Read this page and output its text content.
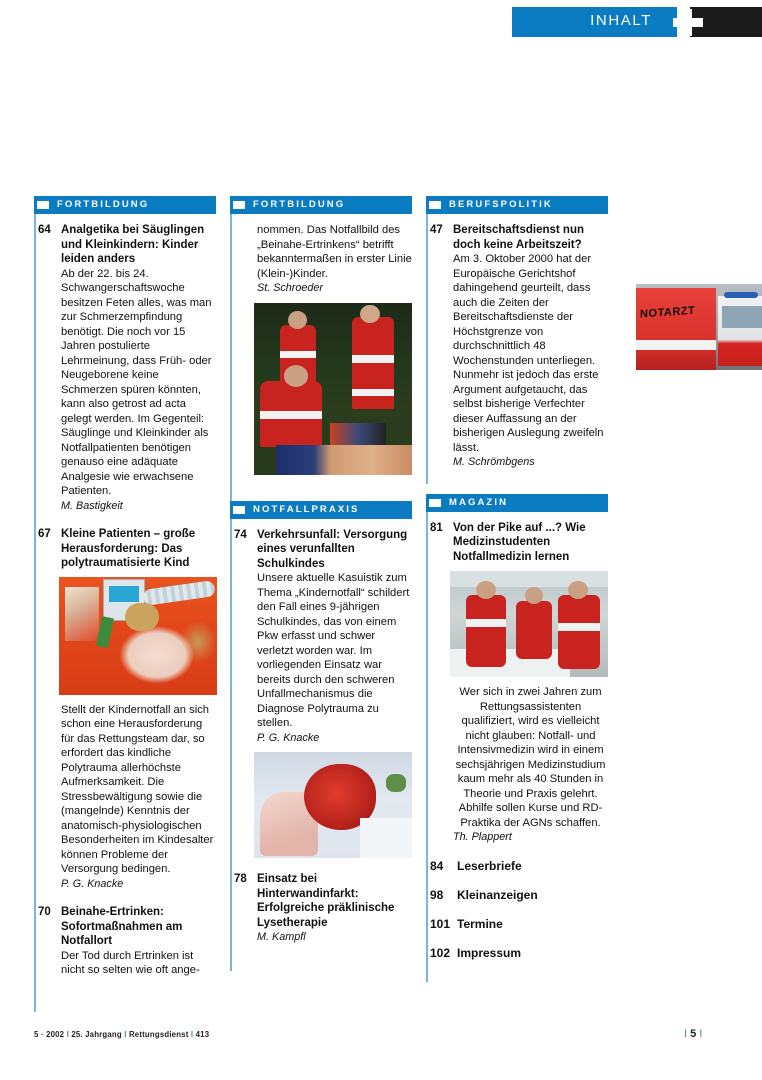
INHALT
NOTARZT
FORTBILDUNG
64 Analgetika bei Säuglingen und Kleinkindern: Kinder leiden anders

Ab der 22. bis 24. Schwangerschaftswoche besitzen Feten alles, was man zur Schmerzempfindung benötigt. Die noch vor 15 Jahren postulierte Lehrmeinung, dass Früh- oder Neugeborene keine Schmerzen spüren könnten, kann also getrost ad acta gelegt werden. Im Gegenteil: Säuglinge und Kleinkinder als Notfallpatienten benötigen genauso eine adäquate Analgesie wie erwachsene Patienten.

M. Bastigkeit

67 Kleine Patienten – große Herausforderung: Das polytraumatisierte Kind

Stellt der Kindernotfall an sich schon eine Herausforderung für das Rettungsteam dar, so erfordert das kindliche Polytrauma allerhöchste Aufmerksamkeit. Die Stressbewältigung sowie die (mangelnde) Kenntnis der anatomisch-physiologischen Besonderheiten im Kindesalter können Probleme der Versorgung bedingen.

P. G. Knacke

70 Beinahe-Ertrinken: Sofortmaßnahmen am Notfallort

Der Tod durch Ertrinken ist nicht so selten wie oft ange-

FORTBILDUNG

nommen. Das Notfallbild des „Beinahe-Ertrinkens“ betrifft bekanntermaßen in erster Linie (Klein-)Kinder.

St. Schroeder

NOTFALLPRAXIS
74 Verkehrsunfall: Versorgung eines verunfallten Schulkindes

Unsere aktuelle Kasuistik zum Thema „Kindernotfall“ schildert den Fall eines 9-jährigen Schulkindes, das von einem Pkw erfasst und schwer verletzt worden war. Im vorliegenden Einsatz war bereits durch den schweren Unfallmechanismus die Diagnose Polytrauma zu stellen.

P. G. Knacke

78 Einsatz bei Hinterwandinfarkt: Erfolgreiche präklinische Lysetherapie

M. Kampfl

BERUFSPOLITIK
47 Bereitschaftsdienst nun doch keine Arbeitszeit?

Am 3. Oktober 2000 hat der Europäische Gerichtshof dahingehend geurteilt, dass auch die Zeiten der Bereitschaftsdienste der Höchstgrenze von durchschnittlich 48 Wochenstunden unterliegen. Nunmehr ist jedoch das erste Argument aufgetaucht, das selbst bisherige Verfechter dieser Auffassung an der bisherigen Auslegung zweifeln lässt.

M. Schrömbgens

MAGAZIN
81 Von der Pike auf ...? Wie Medizinstudenten Notfallmedizin lernen

Wer sich in zwei Jahren zum Rettungsassistenten qualifiziert, wird es vielleicht nicht glauben: Notfall- und Intensivmedizin wird in einem sechsjährigen Medizinstudium kaum mehr als 40 Stunden in Theorie und Praxis gelehrt. Abhilfe sollen Kurse und RD-Praktika der AGNs schaffen.

Th. Plappert

84	Leserbriefe

98	Kleinanzeigen

101 Termine

102 Impressum

5 · 2002 I 25. Jahrgang I Rettungsdienst I 413	I 5 I
